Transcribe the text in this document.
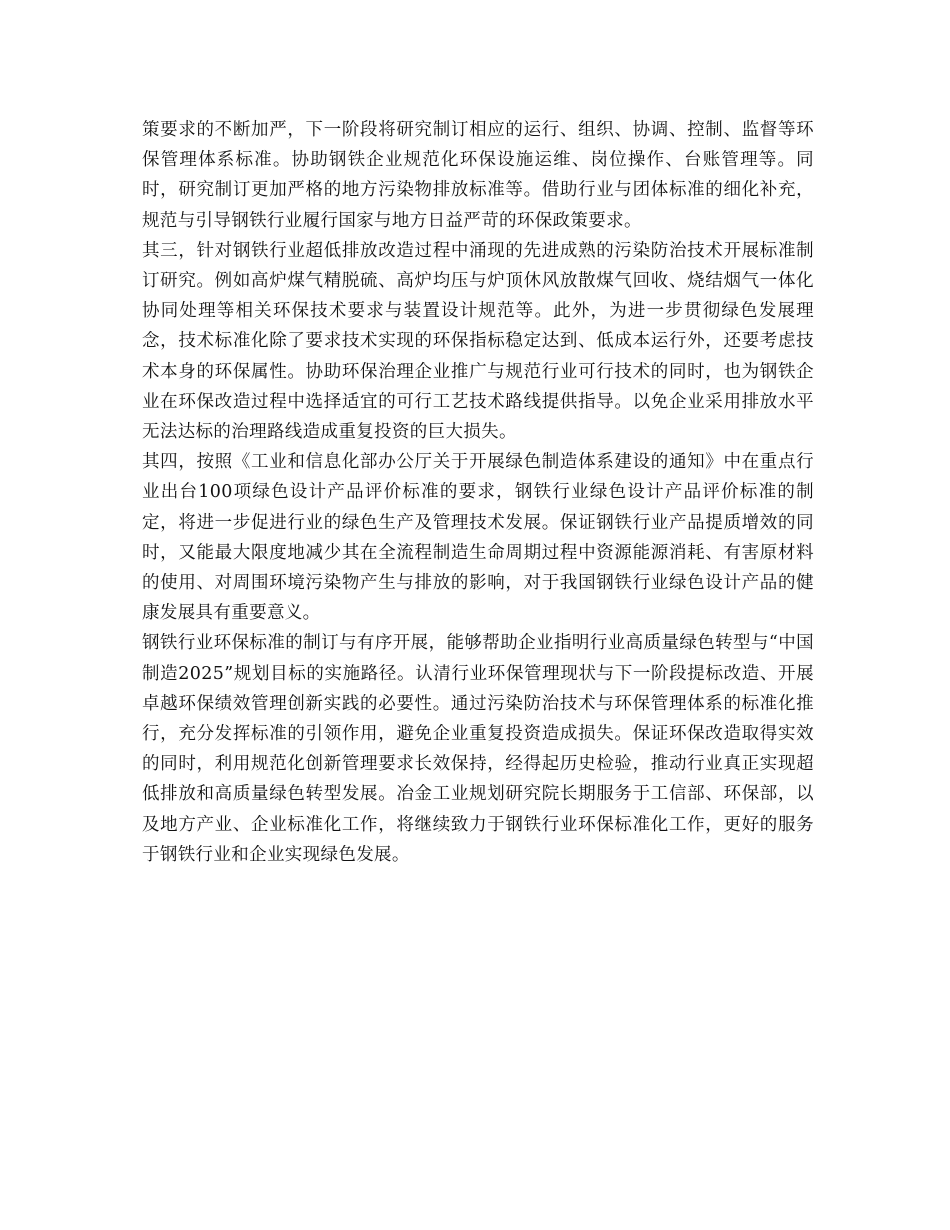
策要求的不断加严，下一阶段将研究制订相应的运行、组织、协调、控制、监督等环保管理体系标准。协助钢铁企业规范化环保设施运维、岗位操作、台账管理等。同时，研究制订更加严格的地方污染物排放标准等。借助行业与团体标准的细化补充，规范与引导钢铁行业履行国家与地方日益严苛的环保政策要求。

其三，针对钢铁行业超低排放改造过程中涌现的先进成熟的污染防治技术开展标准制订研究。例如高炉煤气精脱硫、高炉均压与炉顶休风放散煤气回收、烧结烟气一体化协同处理等相关环保技术要求与装置设计规范等。此外，为进一步贯彻绿色发展理念，技术标准化除了要求技术实现的环保指标稳定达到、低成本运行外，还要考虑技术本身的环保属性。协助环保治理企业推广与规范行业可行技术的同时，也为钢铁企业在环保改造过程中选择适宜的可行工艺技术路线提供指导。以免企业采用排放水平无法达标的治理路线造成重复投资的巨大损失。

其四，按照《工业和信息化部办公厅关于开展绿色制造体系建设的通知》中在重点行业出台100项绿色设计产品评价标准的要求，钢铁行业绿色设计产品评价标准的制定，将进一步促进行业的绿色生产及管理技术发展。保证钢铁行业产品提质增效的同时，又能最大限度地减少其在全流程制造生命周期过程中资源能源消耗、有害原材料的使用、对周围环境污染物产生与排放的影响，对于我国钢铁行业绿色设计产品的健康发展具有重要意义。

钢铁行业环保标准的制订与有序开展，能够帮助企业指明行业高质量绿色转型与“中国制造2025”规划目标的实施路径。认清行业环保管理现状与下一阶段提标改造、开展卓越环保绩效管理创新实践的必要性。通过污染防治技术与环保管理体系的标准化推行，充分发挥标准的引领作用，避免企业重复投资造成损失。保证环保改造取得实效的同时，利用规范化创新管理要求长效保持，经得起历史检验，推动行业真正实现超低排放和高质量绿色转型发展。冶金工业规划研究院长期服务于工信部、环保部，以及地方产业、企业标准化工作，将继续致力于钢铁行业环保标准化工作，更好的服务于钢铁行业和企业实现绿色发展。
